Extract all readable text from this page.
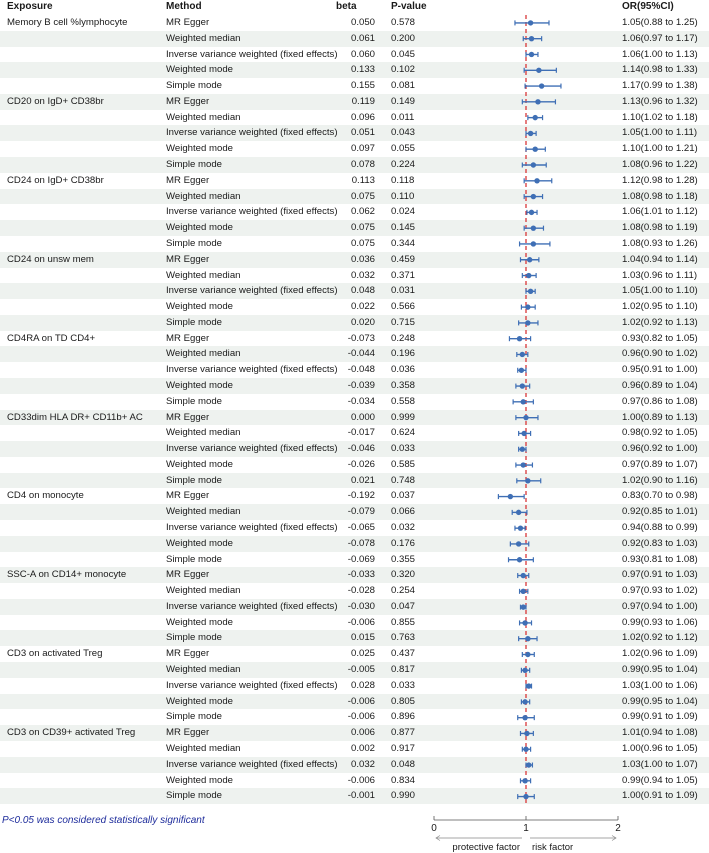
Exposure	Method	beta	P-value	OR(95%CI)
Memory B cell %lymphocyte	MR Egger	0.050 0.578	1.05(0.88 to 1.25)
Weighted median	0.061 0.200	1.06(0.97 to 1.17)
Inverse variance weighted (fixed effects)	0.060 0.045	1.06(1.00 to 1.13)
Weighted mode	0.133 0.102	1.14(0.98 to 1.33)
Simple mode	0.155 0.081	1.17(0.99 to 1.38)
CD20 on IgD+ CD38br	MR Egger	0.119 0.149	1.13(0.96 to 1.32)
Weighted median	0.096 0.011	1.10(1.02 to 1.18)
Inverse variance weighted (fixed effects)	0.051 0.043	1.05(1.00 to 1.11)
Weighted mode	0.097 0.055	1.10(1.00 to 1.21)
Simple mode	0.078 0.224	1.08(0.96 to 1.22)
CD24 on IgD+ CD38br	MR Egger	0.113 0.118	1.12(0.98 to 1.28)
Weighted median	0.075 0.110	1.08(0.98 to 1.18)
Inverse variance weighted (fixed effects)	0.062 0.024	1.06(1.01 to 1.12)
Weighted mode	0.075 0.145	1.08(0.98 to 1.19)
Simple mode	0.075 0.344	1.08(0.93 to 1.26)
CD24 on unsw mem	MR Egger	0.036 0.459	1.04(0.94 to 1.14)
Weighted median	0.032 0.371	1.03(0.96 to 1.11)
Inverse variance weighted (fixed effects)	0.048 0.031	1.05(1.00 to 1.10)
Weighted mode	0.022 0.566	1.02(0.95 to 1.10)
Simple mode	0.020 0.715	1.02(0.92 to 1.13)
CD4RA on TD CD4+	MR Egger	-0.073 0.248	0.93(0.82 to 1.05)
Weighted median	-0.044 0.196	0.96(0.90 to 1.02)
Inverse variance weighted (fixed effects)	-0.048 0.036	0.95(0.91 to 1.00)
Weighted mode	-0.039 0.358	0.96(0.89 to 1.04)
Simple mode	-0.034 0.558	0.97(0.86 to 1.08)
CD33dim HLA DR+ CD11b+ AC MR Egger	0.000 0.999	1.00(0.89 to 1.13)
Weighted median	-0.017 0.624	0.98(0.92 to 1.05)
Inverse variance weighted (fixed effects)	-0.046 0.033	0.96(0.92 to 1.00)
Weighted mode	-0.026 0.585	0.97(0.89 to 1.07)
Simple mode	0.021 0.748	1.02(0.90 to 1.16)
CD4 on monocyte	MR Egger	-0.192 0.037	0.83(0.70 to 0.98)
Weighted median	-0.079 0.066	0.92(0.85 to 1.01)
Inverse variance weighted (fixed effects)	-0.065 0.032	0.94(0.88 to 0.99)
Weighted mode	-0.078 0.176	0.92(0.83 to 1.03)
Simple mode	-0.069 0.355	0.93(0.81 to 1.08)
SSC-A on CD14+ monocyte	MR Egger	-0.033 0.320	0.97(0.91 to 1.03)
Weighted median	-0.028 0.254	0.97(0.93 to 1.02)
Inverse variance weighted (fixed effects)	-0.030 0.047	0.97(0.94 to 1.00)
Weighted mode	-0.006 0.855	0.99(0.93 to 1.06)
Simple mode	0.015 0.763	1.02(0.92 to 1.12)
CD3 on activated Treg	MR Egger	0.025 0.437	1.02(0.96 to 1.09)
Weighted median	-0.005 0.817	0.99(0.95 to 1.04)
Inverse variance weighted (fixed effects)	0.028 0.033	1.03(1.00 to 1.06)
Weighted mode	-0.006 0.805	0.99(0.95 to 1.04)
Simple mode	-0.006 0.896	0.99(0.91 to 1.09)
CD3 on CD39+ activated Treg	MR Egger	0.006 0.877	1.01(0.94 to 1.08)
Weighted median	0.002 0.917	1.00(0.96 to 1.05)
Inverse variance weighted (fixed effects)	0.032 0.048	1.03(1.00 to 1.07)
Weighted mode	-0.006 0.834	0.99(0.94 to 1.05)
Simple mode	-0.001 0.990	1.00(0.91 to 1.09)
0	1	2
protective factor risk factor
P<0.05 was considered statistically significant
